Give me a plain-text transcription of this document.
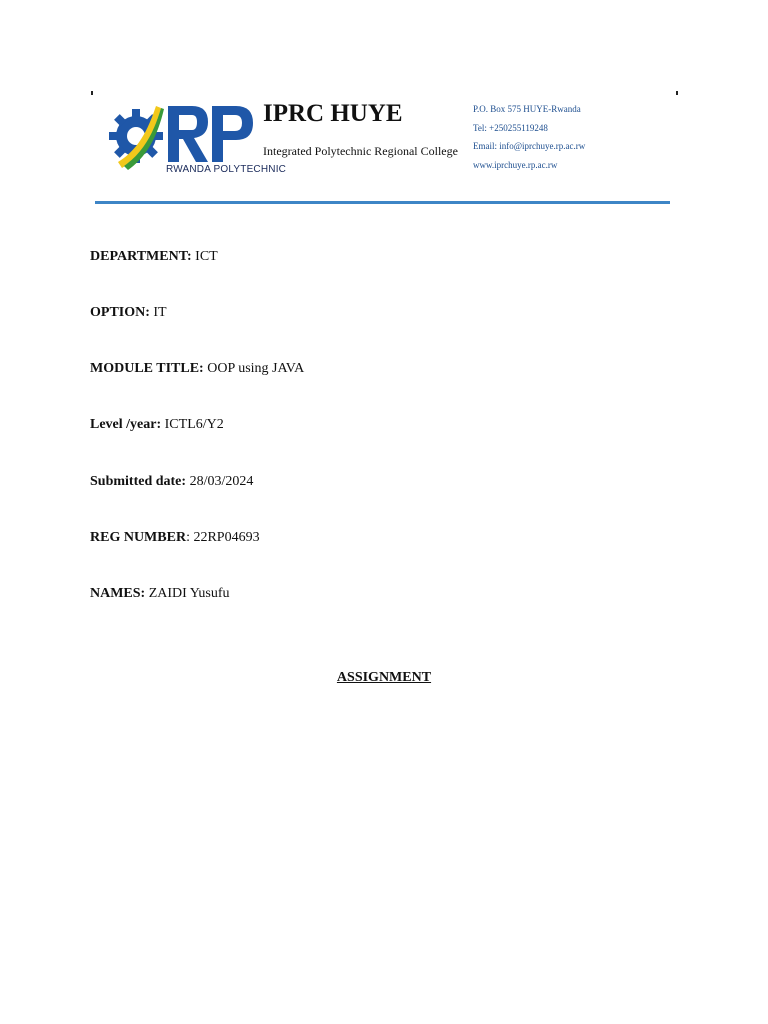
RWANDA POLYTECHNIC
IPRC HUYE
Integrated Polytechnic Regional College
P.O. Box 575 HUYE-Rwanda
Tel: +250255119248
Email: info@iprchuye.rp.ac.rw
www.iprchuye.rp.ac.rw
DEPARTMENT: ICT
OPTION: IT
MODULE TITLE: OOP using JAVA
Level /year: ICTL6/Y2
Submitted date: 28/03/2024
REG NUMBER: 22RP04693
NAMES: ZAIDI Yusufu
ASSIGNMENT
